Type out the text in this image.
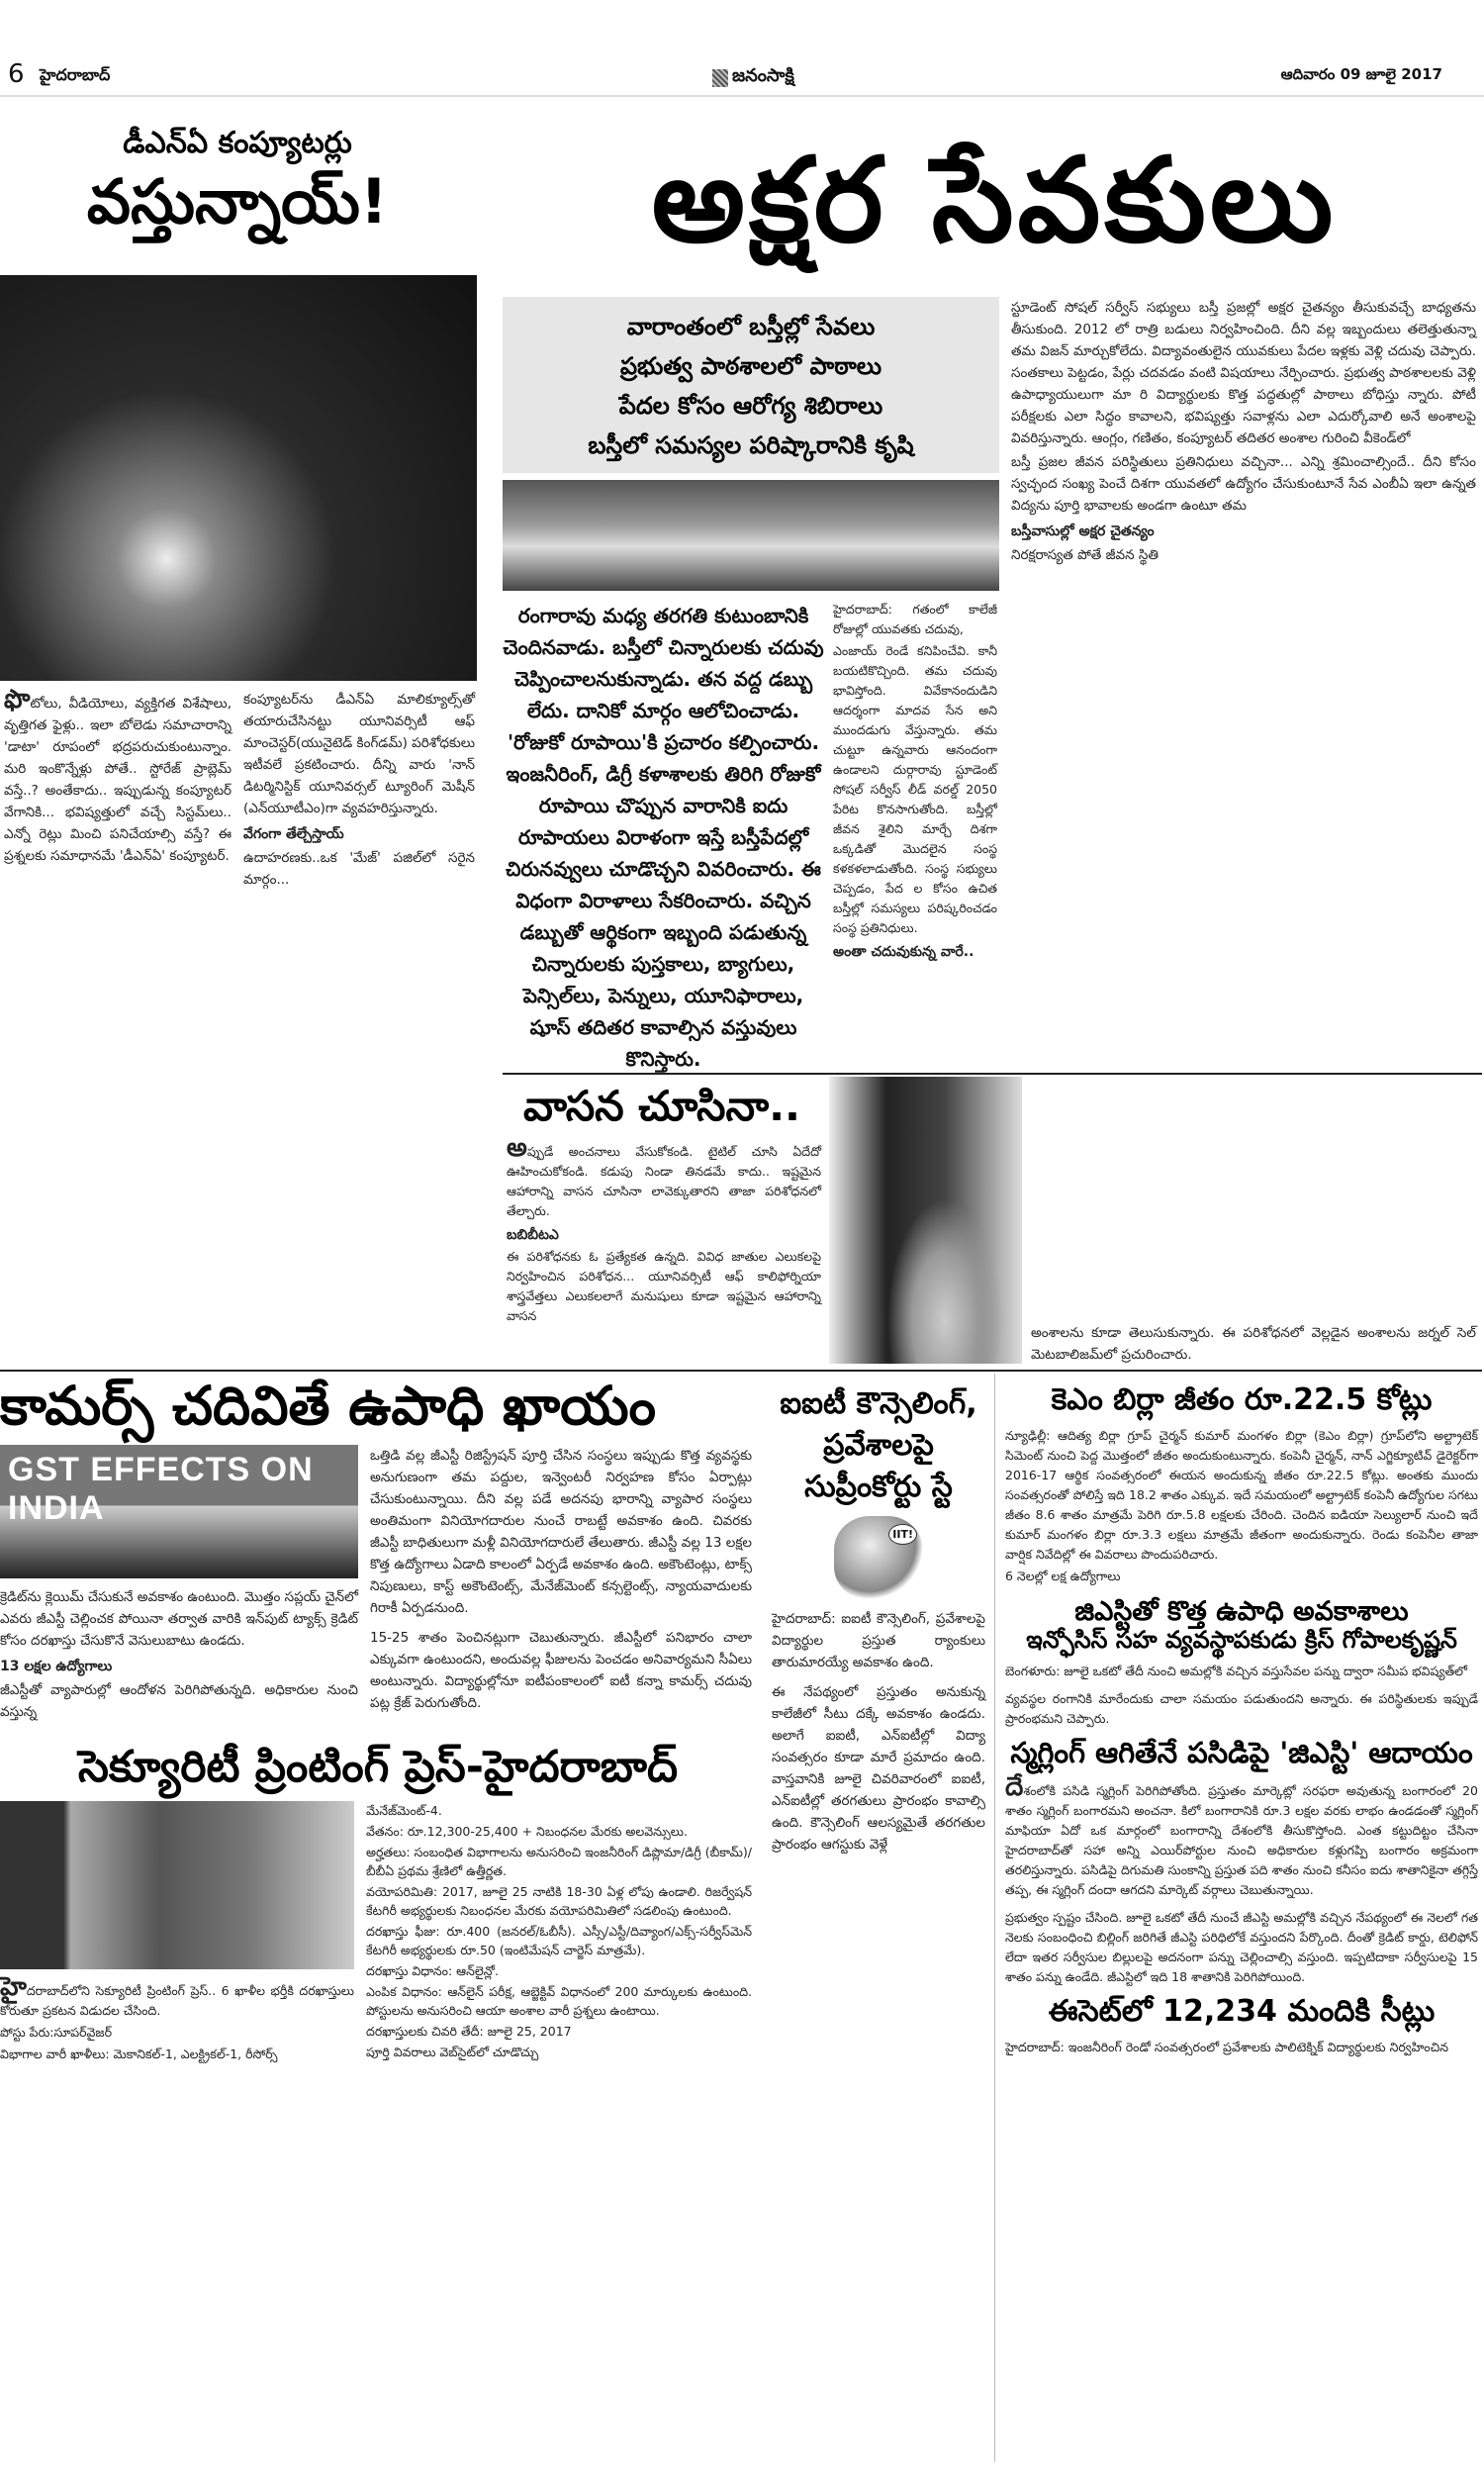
6 హైదరాబాద్	జనంసాక్షి	ఆదివారం 09 జూలై 2017
డీఎన్‌ఏ కంప్యూటర్లు
వస్తున్నాయ్!
ఫొటోలు, వీడియోలు, వ్యక్తిగత విశేషాలు, వృత్తిగత ఫైళ్లు.. ఇలా బోలెడు సమాచారాన్ని 'డాటా' రూపంలో భద్రపరుచుకుంటున్నాం. మరి ఇంకొన్నేళ్లు పోతే.. స్టోరేజ్ ప్రాబ్లెమ్ వస్తే..? అంతేకాదు.. ఇప్పుడున్న కంప్యూటర్ వేగానికి... భవిష్యత్తులో వచ్చే సిస్టమ్‌లు.. ఎన్నో రెట్లు మించి పనిచేయాల్సి వస్తే? ఈ ప్రశ్నలకు సమాధానమే 'డీఎన్‌ఏ' కంప్యూటర్.

కంప్యూటర్‌ను డీఎన్‌ఏ మాలిక్యూల్స్‌తో తయారుచేసినట్టు యూనివర్సిటీ ఆఫ్ మాంచెస్టర్(యునైటెడ్ కింగ్‌డమ్) పరిశోధకులు ఇటీవలే ప్రకటించారు. దీన్ని వారు 'నాన్ డిటర్మినిస్టిక్ యూనివర్సల్ ట్యూరింగ్ మెషీన్ (ఎన్‌యూటీఎం)గా వ్యవహరిస్తున్నారు.

వేగంగా తేల్చేస్తాయ్

ఉదాహరణకు..ఒక 'మేజ్' పజిల్‌లో సరైన మార్గం...

అక్షర సేవకులు
వారాంతంలో బస్తీల్లో సేవలు
ప్రభుత్వ పాఠశాలలో పాఠాలు
పేదల కోసం ఆరోగ్య శిబిరాలు
బస్తీలో సమస్యల పరిష్కారానికి కృషి
రంగారావు మధ్య తరగతి కుటుంబానికి చెందినవాడు. బస్తీలో చిన్నారులకు చదువు చెప్పించాలనుకున్నాడు. తన వద్ద డబ్బు లేదు. దానికో మార్గం ఆలోచించాడు. 'రోజుకో రూపాయి'కి ప్రచారం కల్పించారు. ఇంజనీరింగ్, డిగ్రీ కళాశాలకు తిరిగి రోజుకో రూపాయి చొప్పున వారానికి ఐదు రూపాయలు విరాళంగా ఇస్తే బస్తీపేదల్లో చిరునవ్వులు చూడొచ్చని వివరించారు. ఈ విధంగా విరాళాలు సేకరించారు. వచ్చిన డబ్బుతో ఆర్థికంగా ఇబ్బంది పడుతున్న చిన్నారులకు పుస్తకాలు, బ్యాగులు, పెన్సిల్‌లు, పెన్నులు, యూనిఫారాలు, షూస్ తదితర కావాల్సిన వస్తువులు కొనిస్తారు.

హైదరాబాద్: గతంలో కాలేజీ రోజుల్లో యువతకు చదువు,

ఎంజాయ్ రెండే కనిపించేవి. కానీ బయటికొచ్చింది. తమ చదువు భావిస్తోంది. వివేకానందుడిని ఆదర్శంగా మాదవ సేన అని ముందడుగు వేస్తున్నారు. తమ చుట్టూ ఉన్నవారు ఆనందంగా ఉండాలని దుర్గారావు స్టూడెంట్ సోషల్ సర్వీస్ లీడ్ వరల్డ్ 2050 పేరిట కొనసాగుతోంది. బస్తీల్లో జీవన శైలిని మార్చే దిశగా ఒక్కడితో మొదలైన సంస్థ కళకళలాడుతోంది. సంస్థ సభ్యులు చెప్పడం, పేద ల కోసం ఉచిత బస్తీల్లో సమస్యలు పరిష్కరించడం సంస్థ ప్రతినిధులు.

అంతా చదువుకున్న వారే..

స్టూడెంట్ సోషల్ సర్వీస్ సభ్యులు బస్తీ ప్రజల్లో అక్షర చైతన్యం తీసుకువచ్చే బాధ్యతను తీసుకుంది. 2012 లో రాత్రి బడులు నిర్వహించింది. దీని వల్ల ఇబ్బందులు తలెత్తుతున్నా తమ విజన్ మార్చుకోలేదు. విద్యావంతులైన యువకులు పేదల ఇళ్లకు వెళ్లి చదువు చెప్పారు. సంతకాలు పెట్టడం, పేర్లు చదవడం వంటి విషయాలు నేర్పించారు. ప్రభుత్వ పాఠశాలలకు వెళ్లి ఉపాధ్యాయులుగా మా రి విద్యార్థులకు కొత్త పద్ధతుల్లో పాఠాలు బోధిస్తు న్నారు. పోటీ పరీక్షలకు ఎలా సిద్ధం కావాలని, భవిష్యత్తు సవాళ్లను ఎలా ఎదుర్కోవాలి అనే అంశాలపై వివరిస్తున్నారు. ఆంగ్లం, గణితం, కంప్యూటర్ తదితర అంశాల గురించి వీకెండ్‌లో

బస్తీ ప్రజల జీవన పరిస్థితులు ప్రతినిధులు వచ్చినా... ఎన్ని శ్రమించాల్సిందే.. దీని కోసం స్వచ్ఛంద సంఖ్య పెంచే దిశగా యువతలో ఉద్యోగం చేసుకుంటూనే సేవ ఎంబీఏ ఇలా ఉన్నత విద్యను పూర్తి భావాలకు అండగా ఉంటూ తమ

బస్తీవాసుల్లో అక్షర చైతన్యం

నిరక్షరాస్యత పోతే జీవన స్థితి

వాసన చూసినా..

అప్పుడే అంచనాలు వేసుకోకండి. టైటిల్ చూసి ఏదేదో ఊహించుకోకండి. కడుపు నిండా తినడమే కాదు.. ఇష్టమైన ఆహారాన్ని వాసన చూసినా లావెక్కుతారని తాజా పరిశోధనలో తేల్చారు.

బబిబీటఎ

ఈ పరిశోధనకు ఓ ప్రత్యేకత ఉన్నది. వివిధ జాతుల ఎలుకలపై నిర్వహించిన పరిశోధన... యూనివర్సిటీ ఆఫ్ కాలిఫోర్నియా శాస్త్రవేత్తలు ఎలుకలలాగే మనుషులు కూడా ఇష్టమైన ఆహారాన్ని వాసన

అంశాలను కూడా తెలుసుకున్నారు. ఈ పరిశోధనలో వెల్లడైన అంశాలను జర్నల్ సెల్ మెటబాలిజమ్‌లో ప్రచురించారు.
కామర్స్ చదివితే ఉపాధి ఖాయం
GST EFFECTS ON INDIA

క్రెడిట్‌ను క్లెయిమ్ చేసుకునే అవకాశం ఉంటుంది. మొత్తం సప్లయ్ చైన్‌లో ఎవరు జీఎస్టీ చెల్లించక పోయినా తర్వాత వారికి ఇన్‌పుట్ ట్యాక్స్ క్రెడిట్ కోసం దరఖాస్తు చేసుకొనే వెసులుబాటు ఉండదు.

13 లక్షల ఉద్యోగాలు

జీఎస్టీతో వ్యాపారుల్లో ఆందోళన పెరిగిపోతున్నది. అధికారుల నుంచి వస్తున్న

ఒత్తిడి వల్ల జీఎస్టీ రిజిస్ట్రేషన్ పూర్తి చేసిన సంస్థలు ఇప్పుడు కొత్త వ్యవస్థకు అనుగుణంగా తమ పద్దుల, ఇన్వెంటరీ నిర్వహణ కోసం ఏర్పాట్లు చేసుకుంటున్నాయి. దీని వల్ల పడే అదనపు భారాన్ని వ్యాపార సంస్థలు అంతిమంగా వినియోగదారుల నుంచే రాబట్టే అవకాశం ఉంది. చివరకు జీఎస్టీ బాధితులుగా మళ్లీ వినియోగదారులే తేలుతారు. జీఎస్టీ వల్ల 13 లక్షల కొత్త ఉద్యోగాలు ఏడాది కాలంలో ఏర్పడే అవకాశం ఉంది. అకౌంటెంట్లు, టాక్స్ నిపుణులు, కాస్ట్ అకౌంటెంట్స్, మేనేజ్‌మెంట్ కన్సల్టెంట్స్, న్యాయవాదులకు గిరాకీ ఏర్పడనుంది.

15-25 శాతం పెంచినట్లుగా చెబుతున్నారు. జీఎస్టీలో పనిభారం చాలా ఎక్కువగా ఉంటుందని, అందువల్ల ఫీజులను పెంచడం అనివార్యమని సీఏలు అంటున్నారు. విద్యార్థుల్లోనూ ఐటీపంకాలంలో ఐటీ కన్నా కామర్స్ చదువు పట్ల క్రేజ్ పెరుగుతోంది.

సెక్యూరిటీ ప్రింటింగ్ ప్రెస్-హైదరాబాద్

హైదరాబాద్‌లోని సెక్యూరిటీ ప్రింటింగ్ ప్రెస్.. 6 ఖాళీల భర్తీకి దరఖాస్తులు కోరుతూ ప్రకటన విడుదల చేసింది.

పోస్టు పేరు:సూపర్‌వైజర్

విభాగాల వారీ ఖాళీలు: మెకానికల్-1, ఎలక్ట్రికల్-1, రీసోర్స్

మేనేజ్‌మెంట్-4.

వేతనం: రూ.12,300-25,400 + నిబంధనల మేరకు అలవెన్సులు.

అర్హతలు: సంబంధిత విభాగాలను అనుసరించి ఇంజనీరింగ్ డిప్లొమా/డిగ్రీ (బీకామ్)/బీబీఏ ప్రథమ శ్రేణిలో ఉత్తీర్ణత.

వయోపరిమితి: 2017, జూలై 25 నాటికి 18-30 ఏళ్ల లోపు ఉండాలి. రిజర్వేషన్ కేటగిరీ అభ్యర్థులకు నిబంధనల మేరకు వయోపరిమితిలో సడలింపు ఉంటుంది.

దరఖాస్తు ఫీజు: రూ.400 (జనరల్/ఓబీసీ). ఎస్సీ/ఎస్టీ/దివ్యాంగ/ఎక్స్-సర్వీస్‌మెన్ కేటగిరీ అభ్యర్థులకు రూ.50 (ఇంటిమేషన్ చార్జెస్ మాత్రమే).

దరఖాస్తు విధానం: ఆన్‌లైన్లో.

ఎంపిక విధానం: ఆన్‌లైన్ పరీక్ష, ఆబ్జెక్టివ్ విధానంలో 200 మార్కులకు ఉంటుంది. పోస్టులను అనుసరించి ఆయా అంశాల వారీ ప్రశ్నలు ఉంటాయి.

దరఖాస్తులకు చివరి తేదీ: జూలై 25, 2017

పూర్తి వివరాలు వెబ్‌సైట్‌లో చూడొచ్చు

ఐఐటీ కౌన్సెలింగ్, ప్రవేశాలపై సుప్రీంకోర్టు స్టే
IIT!

హైదరాబాద్: ఐఐటీ కౌన్సెలింగ్, ప్రవేశాలపై విద్యార్థుల ప్రస్తుత ర్యాంకులు తారుమారయ్యే అవకాశం ఉంది.

ఈ నేపథ్యంలో ప్రస్తుతం అనుకున్న కాలేజీలో సీటు దక్కే అవకాశం ఉండదు. అలాగే ఐఐటీ, ఎన్ఐటీల్లో విద్యా సంవత్సరం కూడా మారే ప్రమాదం ఉంది. వాస్తవానికి జూలై చివరివారంలో ఐఐటీ, ఎన్ఐటీల్లో తరగతులు ప్రారంభం కావాల్సి ఉంది. కౌన్సెలింగ్ ఆలస్యమైతే తరగతుల ప్రారంభం ఆగస్టుకు వెళ్లే

కెఎం బిర్లా జీతం రూ.22.5 కోట్లు

న్యూఢిల్లీ: ఆదిత్య బిర్లా గ్రూప్ చైర్మన్ కుమార్ మంగళం బిర్లా (కెఎం బిర్లా) గ్రూప్‌లోని అల్ట్రాటెక్ సిమెంట్ నుంచి పెద్ద మొత్తంలో జీతం అందుకుంటున్నారు. కంపెనీ చైర్మన్, నాన్ ఎగ్జిక్యూటివ్ డైరెక్టర్‌గా 2016-17 ఆర్థిక సంవత్సరంలో ఈయన అందుకున్న జీతం రూ.22.5 కోట్లు. అంతకు ముందు సంవత్సరంతో పోలిస్తే ఇది 18.2 శాతం ఎక్కువ. ఇదే సమయంలో అల్ట్రాటెక్ కంపెనీ ఉద్యోగుల సగటు జీతం 8.6 శాతం మాత్రమే పెరిగి రూ.5.8 లక్షలకు చేరింది. చెందిన ఐడియా సెల్యులార్ నుంచి ఇదే కుమార్ మంగళం బిర్లా రూ.3.3 లక్షలు మాత్రమే జీతంగా అందుకున్నారు. రెండు కంపెనీల తాజా వార్షిక నివేదిల్లో ఈ వివరాలు పొందుపరిచారు.

6 నెలల్లో లక్ష ఉద్యోగాలు

జిఎస్టితో కొత్త ఉపాధి అవకాశాలు
ఇన్ఫోసిస్ సహ వ్యవస్థాపకుడు క్రిస్ గోపాలకృష్ణన్
బెంగళూరు: జూలై ఒకటో తేదీ నుంచి అమల్లోకి వచ్చిన వస్తుసేవల పన్ను ద్వారా సమీప భవిష్యత్‌లో
వ్యవస్థల రంగానికి మారేందుకు చాలా సమయం పడుతుందని అన్నారు. ఈ పరిస్థితులకు ఇప్పుడే ప్రారంభమని చెప్పారు.
స్మగ్లింగ్ ఆగితేనే పసిడిపై 'జిఎస్టి' ఆదాయం
దేశంలోకి పసిడి స్మగ్లింగ్ పెరిగిపోతోంది. ప్రస్తుతం మార్కెట్లో సరఫరా అవుతున్న బంగారంలో 20 శాతం స్మగ్లింగ్ బంగారమని అంచనా. కిలో బంగారానికి రూ.3 లక్షల వరకు లాభం ఉండడంతో స్మగ్లింగ్ మాఫియా ఏదో ఒక మార్గంలో బంగారాన్ని దేశంలోకి తీసుకొస్తోంది. ఎంత కట్టుదిట్టం చేసినా హైదరాబాద్‌తో సహా అన్ని ఎయిర్‌పోర్టుల నుంచి అధికారుల కళ్లుగప్పి బంగారం అక్రమంగా తరలిస్తున్నారు. పసిడిపై దిగుమతి సుంకాన్ని ప్రస్తుత పది శాతం నుంచి కనీసం ఐదు శాతానికైనా తగ్గిస్తే తప్ప, ఈ స్మగ్లింగ్ దందా ఆగదని మార్కెట్ వర్గాలు చెబుతున్నాయి.
ప్రభుత్వం స్పష్టం చేసింది. జూలై ఒకటో తేదీ నుంచే జీఎస్టి అమల్లోకి వచ్చిన నేపథ్యంలో ఈ నెలలో గత నెలకు సంబంధించి బిల్లింగ్ జరిగితే జీఎస్టి పరిధిలోకే వస్తుందని పేర్కొంది. దీంతో క్రెడిట్ కార్డు, టెలిఫోన్ లేదా ఇతర సర్వీసుల బిల్లులపై అదనంగా పన్ను చెల్లించాల్సి వస్తుంది. ఇప్పటిదాకా సర్వీసులపై 15 శాతం పన్ను ఉండేది. జీఎస్టిలో ఇది 18 శాతానికి పెరిగిపోయింది.
ఈసెట్‌లో 12,234 మందికి సీట్లు
హైదరాబాద్: ఇంజనీరింగ్ రెండో సంవత్సరంలో ప్రవేశాలకు పాలిటెక్నిక్ విద్యార్థులకు నిర్వహించిన
